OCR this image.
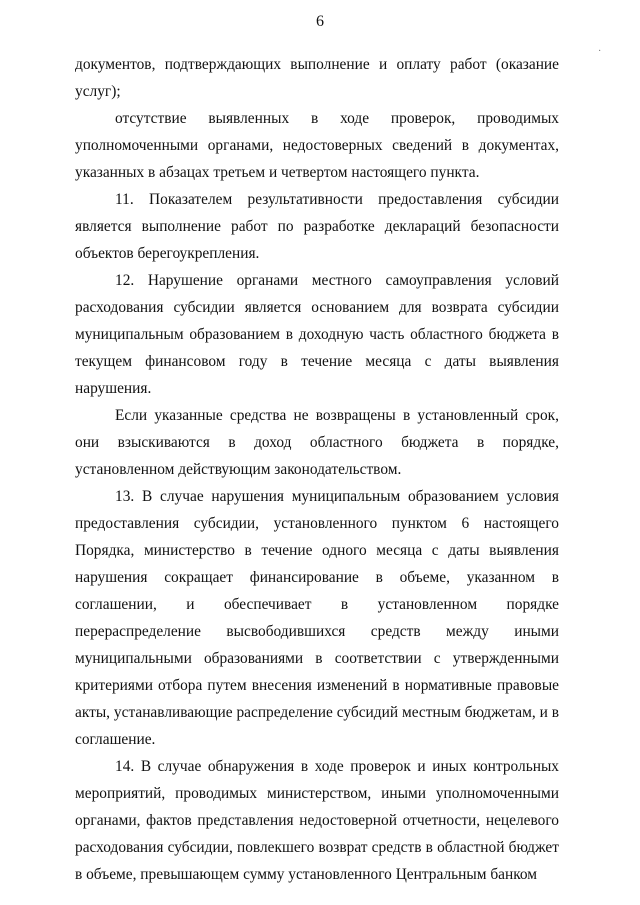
6
·

документов, подтверждающих выполнение и оплату работ (оказание услуг);

отсутствие выявленных в ходе проверок, проводимых уполномоченными органами, недостоверных сведений в документах, указанных в абзацах третьем и четвертом настоящего пункта.

11. Показателем результативности предоставления субсидии является выполнение работ по разработке деклараций безопасности объектов берегоукрепления.

12. Нарушение органами местного самоуправления условий расходования субсидии является основанием для возврата субсидии муниципальным образованием в доходную часть областного бюджета в текущем финансовом году в течение месяца с даты выявления нарушения.

Если указанные средства не возвращены в установленный срок, они взыскиваются в доход областного бюджета в порядке, установленном действующим законодательством.

13. В случае нарушения муниципальным образованием условия предоставления субсидии, установленного пунктом 6 настоящего Порядка, министерство в течение одного месяца с даты выявления нарушения сокращает финансирование в объеме, указанном в соглашении, и обеспечивает в установленном порядке перераспределение высвободившихся средств между иными муниципальными образованиями в соответствии с утвержденными критериями отбора путем внесения изменений в нормативные правовые акты, устанавливающие распределение субсидий местным бюджетам, и в соглашение.

14. В случае обнаружения в ходе проверок и иных контрольных мероприятий, проводимых министерством, иными уполномоченными органами, фактов представления недостоверной отчетности, нецелевого расходования субсидии, повлекшего возврат средств в областной бюджет в объеме, превышающем сумму установленного Центральным банком
